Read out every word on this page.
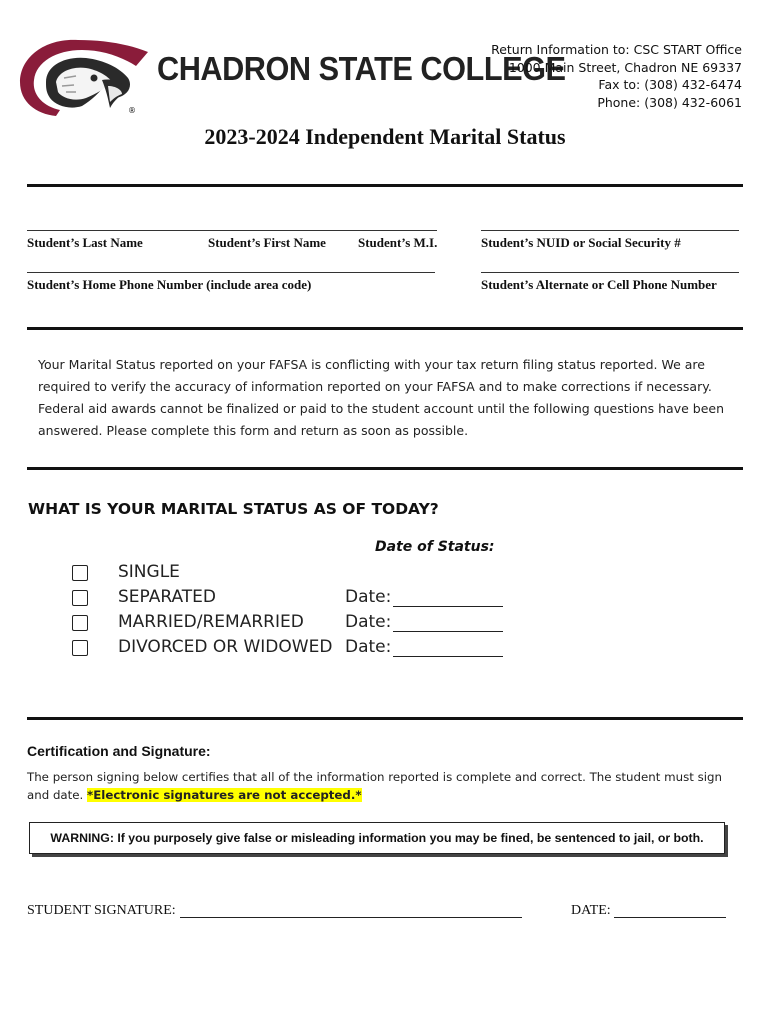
®
CHADRON STATE COLLEGE
Return Information to: CSC START Office
1000 Main Street, Chadron NE 69337
Fax to: (308) 432-6474
Phone: (308) 432-6061
2023-2024 Independent Marital Status
Student’s Last Name	Student’s First Name Student’s M.I.	Student’s NUID or Social Security #
Student’s Home Phone Number (include area code)	Student’s Alternate or Cell Phone Number
Your Marital Status reported on your FAFSA is conflicting with your tax return filing status reported. We are required to verify the accuracy of information reported on your FAFSA and to make corrections if necessary. Federal aid awards cannot be finalized or paid to the student account until the following questions have been answered. Please complete this form and return as soon as possible.
WHAT IS YOUR MARITAL STATUS AS OF TODAY?
Date of Status:
SINGLE
SEPARATED	Date:
MARRIED/REMARRIED Date:
DIVORCED OR WIDOWED Date:
Certification and Signature:
The person signing below certifies that all of the information reported is complete and correct. The student must sign and date. *Electronic signatures are not accepted.*
WARNING: If you purposely give false or misleading information you may be fined, be sentenced to jail, or both.
STUDENT SIGNATURE:	DATE:
